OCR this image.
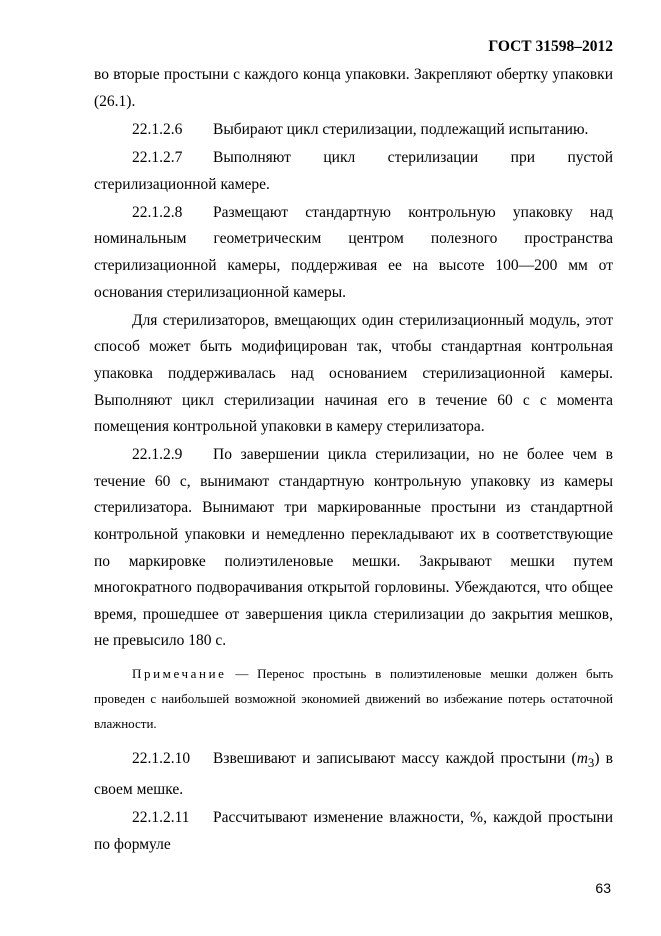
ГОСТ 31598–2012

во вторые простыни с каждого конца упаковки. Закрепляют обертку упаковки (26.1).

22.1.2.6 Выбирают цикл стерилизации, подлежащий испытанию.

22.1.2.7 Выполняют цикл стерилизации при пустой стерилизационной камере.

22.1.2.8 Размещают стандартную контрольную упаковку над номинальным геометрическим центром полезного пространства стерилизационной камеры, поддерживая ее на высоте 100—200 мм от основания стерилизационной камеры.

Для стерилизаторов, вмещающих один стерилизационный модуль, этот способ может быть модифицирован так, чтобы стандартная контрольная упаковка поддерживалась над основанием стерилизационной камеры. Выполняют цикл стерилизации начиная его в течение 60 с с момента помещения контрольной упаковки в камеру стерилизатора.

22.1.2.9 По завершении цикла стерилизации, но не более чем в течение 60 с, вынимают стандартную контрольную упаковку из камеры стерилизатора. Вынимают три маркированные простыни из стандартной контрольной упаковки и немедленно перекладывают их в соответствующие по маркировке полиэтиленовые мешки. Закрывают мешки путем многократного подворачивания открытой горловины. Убеждаются, что общее время, прошедшее от завершения цикла стерилизации до закрытия мешков, не превысило 180 с.

Примечание — Перенос простынь в полиэтиленовые мешки должен быть проведен с наибольшей возможной экономией движений во избежание потерь остаточной влажности.

22.1.2.10 Взвешивают и записывают массу каждой простыни $(m_3)$ в своем мешке.

22.1.2.11 Рассчитывают изменение влажности, %, каждой простыни по формуле

63
